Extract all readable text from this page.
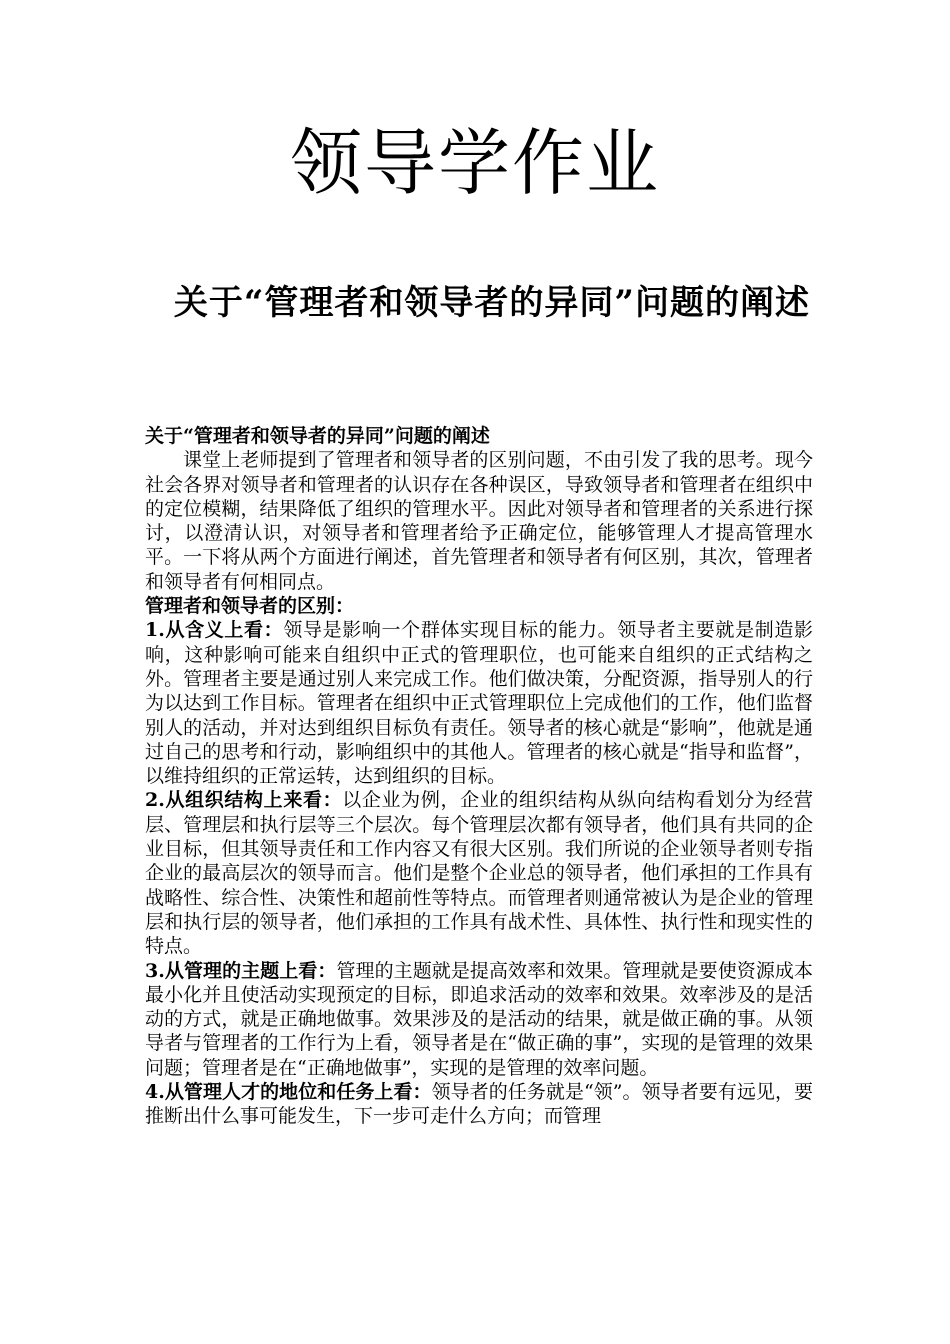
领导学作业
关于“管理者和领导者的异同”问题的阐述

关于“管理者和领导者的异同”问题的阐述

课堂上老师提到了管理者和领导者的区别问题，不由引发了我的思考。现今社会各界对领导者和管理者的认识存在各种误区，导致领导者和管理者在组织中的定位模糊，结果降低了组织的管理水平。因此对领导者和管理者的关系进行探讨，以澄清认识，对领导者和管理者给予正确定位，能够管理人才提高管理水平。一下将从两个方面进行阐述，首先管理者和领导者有何区别，其次，管理者和领导者有何相同点。

管理者和领导者的区别：

1.从含义上看：领导是影响一个群体实现目标的能力。领导者主要就是制造影响，这种影响可能来自组织中正式的管理职位，也可能来自组织的正式结构之外。管理者主要是通过别人来完成工作。他们做决策，分配资源，指导别人的行为以达到工作目标。管理者在组织中正式管理职位上完成他们的工作，他们监督别人的活动，并对达到组织目标负有责任。领导者的核心就是“影响”，他就是通过自己的思考和行动，影响组织中的其他人。管理者的核心就是“指导和监督”，以维持组织的正常运转，达到组织的目标。

2.从组织结构上来看：以企业为例，企业的组织结构从纵向结构看划分为经营层、管理层和执行层等三个层次。每个管理层次都有领导者，他们具有共同的企业目标，但其领导责任和工作内容又有很大区别。我们所说的企业领导者则专指企业的最高层次的领导而言。他们是整个企业总的领导者，他们承担的工作具有战略性、综合性、决策性和超前性等特点。而管理者则通常被认为是企业的管理层和执行层的领导者，他们承担的工作具有战术性、具体性、执行性和现实性的特点。

3.从管理的主题上看：管理的主题就是提高效率和效果。管理就是要使资源成本最小化并且使活动实现预定的目标，即追求活动的效率和效果。效率涉及的是活动的方式，就是正确地做事。效果涉及的是活动的结果，就是做正确的事。从领导者与管理者的工作行为上看，领导者是在“做正确的事”，实现的是管理的效果问题；管理者是在“正确地做事”，实现的是管理的效率问题。

4.从管理人才的地位和任务上看：领导者的任务就是“领”。领导者要有远见，要推断出什么事可能发生，下一步可走什么方向；而管理
